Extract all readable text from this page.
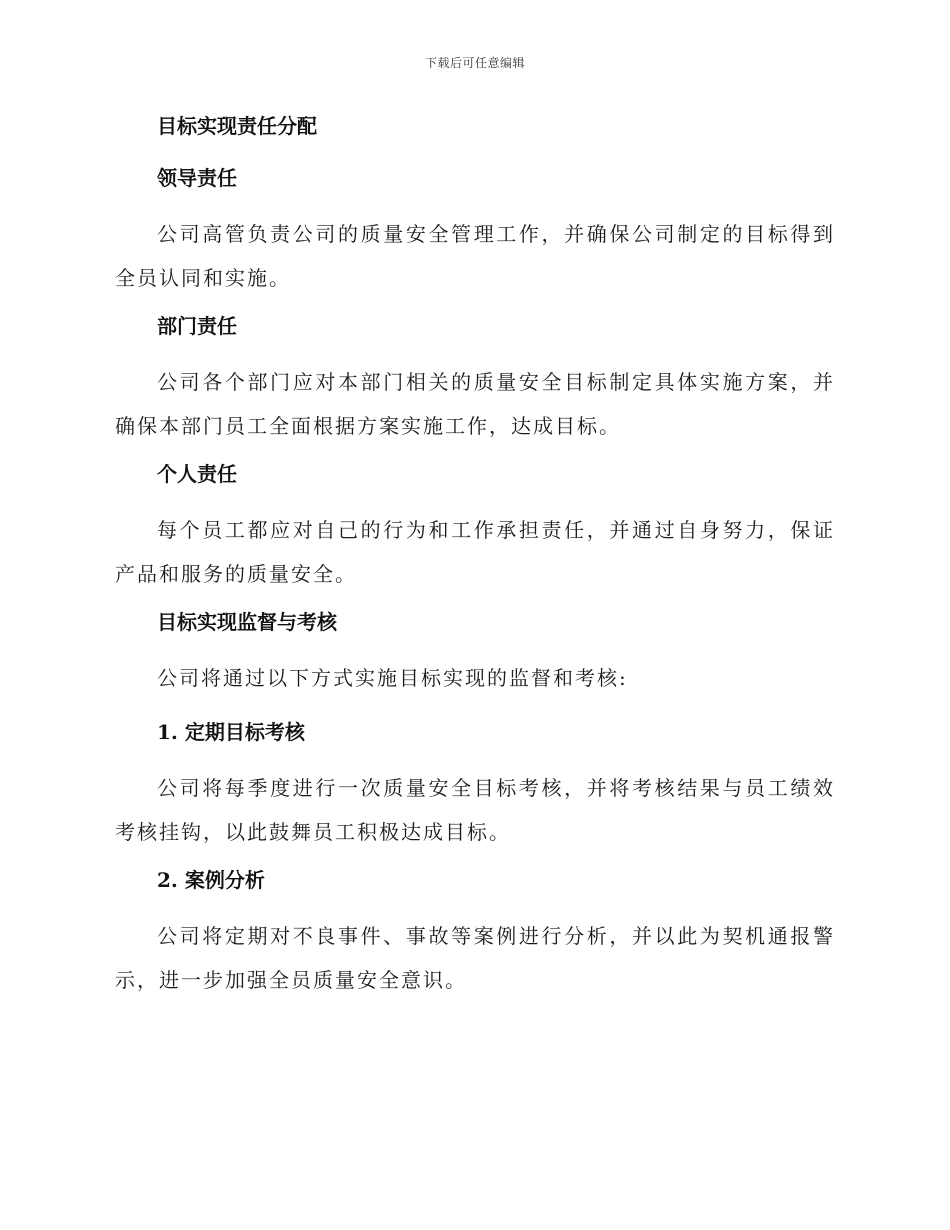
下载后可任意编辑
目标实现责任分配
领导责任

公司高管负责公司的质量安全管理工作，并确保公司制定的目标得到全员认同和实施。

部门责任

公司各个部门应对本部门相关的质量安全目标制定具体实施方案，并确保本部门员工全面根据方案实施工作，达成目标。

个人责任

每个员工都应对自己的行为和工作承担责任，并通过自身努力，保证产品和服务的质量安全。

目标实现监督与考核

公司将通过以下方式实施目标实现的监督和考核:

1. 定期目标考核

公司将每季度进行一次质量安全目标考核，并将考核结果与员工绩效考核挂钩，以此鼓舞员工积极达成目标。

2. 案例分析

公司将定期对不良事件、事故等案例进行分析，并以此为契机通报警示，进一步加强全员质量安全意识。
